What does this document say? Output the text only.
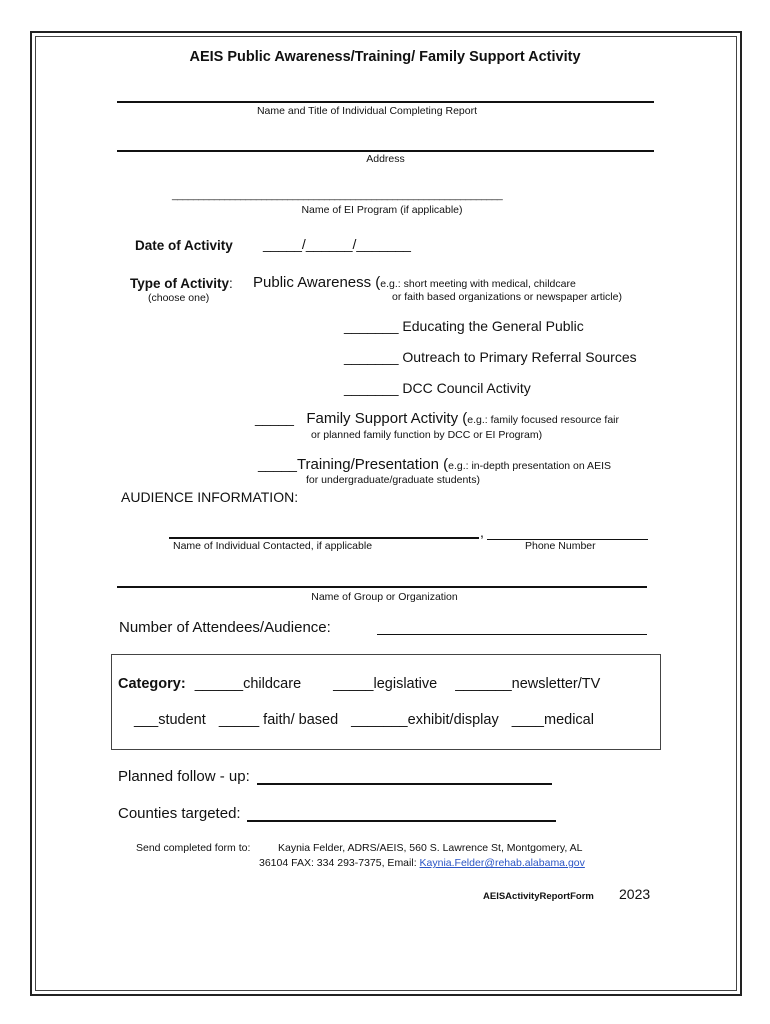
AEIS Public Awareness/Training/ Family Support Activity
Name and Title of Individual Completing Report
Address
_______________________________________________________________
Name of EI Program (if applicable)
Date of Activity _____/______/_______
Type of Activity:
(choose one)
Public Awareness (e.g.: short meeting with medical, childcare
or faith based organizations or newspaper article)
_______ Educating the General Public
_______ Outreach to Primary Referral Sources
_______ DCC Council Activity
_____ Family Support Activity (e.g.: family focused resource fair
or planned family function by DCC or EI Program)
_____Training/Presentation (e.g.: in-depth presentation on AEIS
for undergraduate/graduate students)
AUDIENCE INFORMATION:
,
Name of Individual Contacted, if applicable	Phone Number
Name of Group or Organization
Number of Attendees/Audience:
Category: ______childcare _____legislative _______newsletter/TV
___student _____ faith/ based _______exhibit/display ____medical
Planned follow - up:
Counties targeted:
Send completed form to:	Kaynia Felder, ADRS/AEIS, 560 S. Lawrence St, Montgomery, AL
36104 FAX: 334 293-7375, Email: Kaynia.Felder@rehab.alabama.gov
AEISActivityReportForm 2023
